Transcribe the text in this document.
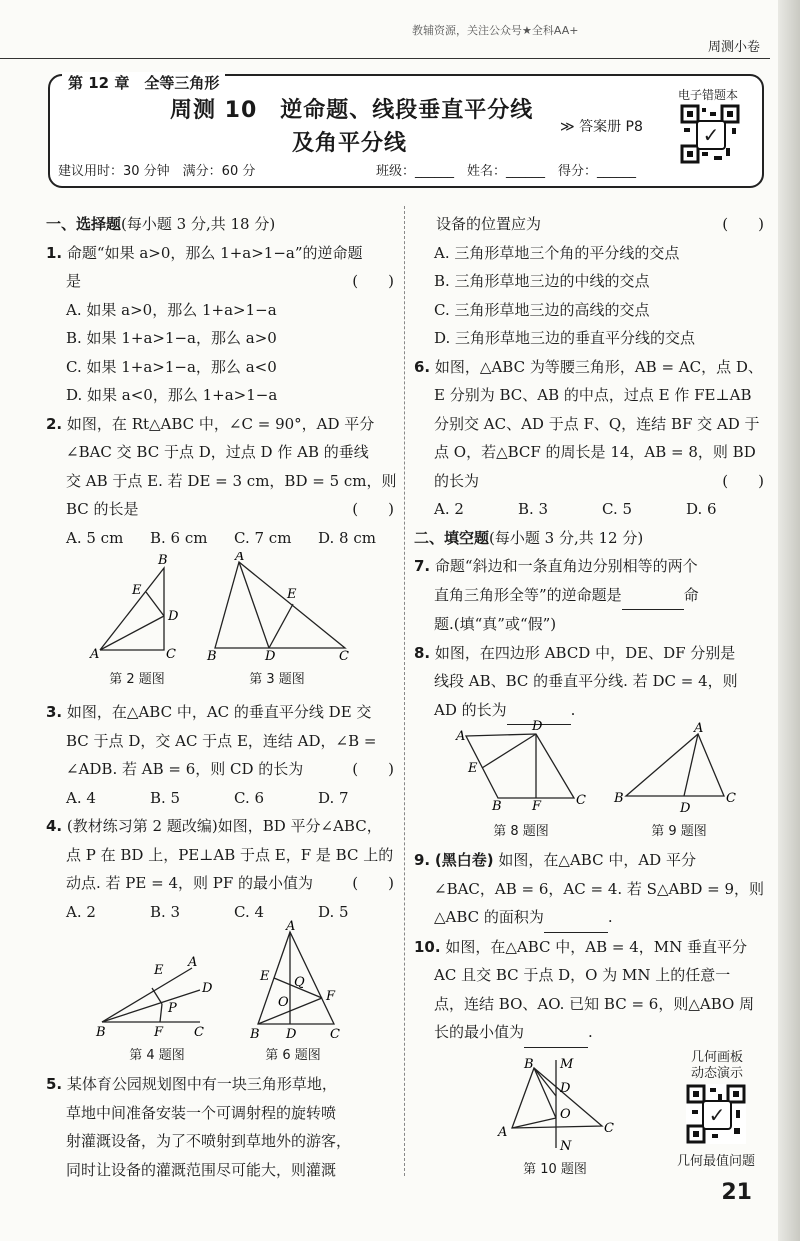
教辅资源，关注公众号★全科AA+
周测小卷
第 12 章　全等三角形
周测 10　逆命题、线段垂直平分线
及角平分线
≫ 答案册 P8
电子错题本
✓
建议用时：30 分钟　满分：60 分	班级：______　姓名：______　得分：______

一、选择题(每小题 3 分,共 18 分)

1. 命题“如果 a>0，那么 1+a>1−a”的逆命题

是	(　　)

A. 如果 a>0，那么 1+a>1−a

B. 如果 1+a>1−a，那么 a>0

C. 如果 1+a>1−a，那么 a<0

D. 如果 a<0，那么 1+a>1−a

2. 如图，在 Rt△ABC 中，∠C = 90°，AD 平分

∠BAC 交 BC 于点 D，过点 D 作 AB 的垂线

交 AB 于点 E. 若 DE = 3 cm，BD = 5 cm，则

BC 的长是	(　　)

A. 5 cm B. 6 cm C. 7 cm D. 8 cm

B
E
D
A	C
第 2 题图
A
E
B	D	C
第 3 题图

3. 如图，在△ABC 中，AC 的垂直平分线 DE 交

BC 于点 D，交 AC 于点 E，连结 AD，∠B =

∠ADB. 若 AB = 6，则 CD 的长为	(　　)

A. 4	B. 5	C. 6	D. 7

4. (教材练习第 2 题改编)如图，BD 平分∠ABC，

点 P 在 BD 上，PE⊥AB 于点 E，F 是 BC 上的

动点. 若 PE = 4，则 PF 的最小值为	(　　)

A. 2	B. 3	C. 4	D. 5

E
A
D
P
B	F C
第 4 题图
A
E Q
O	F
B D	C
第 6 题图

5. 某体育公园规划图中有一块三角形草地，

草地中间准备安装一个可调射程的旋转喷

射灌溉设备，为了不喷射到草地外的游客，

同时让设备的灌溉范围尽可能大，则灌溉

设备的位置应为	(　　)

A. 三角形草地三个角的平分线的交点

B. 三角形草地三边的中线的交点

C. 三角形草地三边的高线的交点

D. 三角形草地三边的垂直平分线的交点

6. 如图，△ABC 为等腰三角形，AB = AC，点 D、

E 分别为 BC、AB 的中点，过点 E 作 FE⊥AB

分别交 AC、AD 于点 F、Q，连结 BF 交 AD 于

点 O，若△BCF 的周长是 14，AB = 8，则 BD

的长为	(　　)

A. 2	B. 3	C. 5	D. 6

二、填空题(每小题 3 分,共 12 分)

7. 命题“斜边和一条直角边分别相等的两个

直角三角形全等”的逆命题是	命

题.(填“真”或“假”)

8. 如图，在四边形 ABCD 中，DE、DF 分别是

线段 AB、BC 的垂直平分线. 若 DC = 4，则

AD 的长为	.

A
D
E
B F	C
第 8 题图
A
B
D
C
第 9 题图

9. (黑白卷) 如图，在△ABC 中，AD 平分

∠BAC，AB = 6，AC = 4. 若 S△ABD = 9，则

△ABC 的面积为	.

10. 如图，在△ABC 中，AB = 4，MN 垂直平分

AC 且交 BC 于点 D，O 为 MN 上的任意一

点，连结 BO、AO. 已知 BC = 6，则△ABO 周

长的最小值为	.

B M
D
A
O
C
N
第 10 题图
几何画板
动态演示
✓
几何最值问题
21
